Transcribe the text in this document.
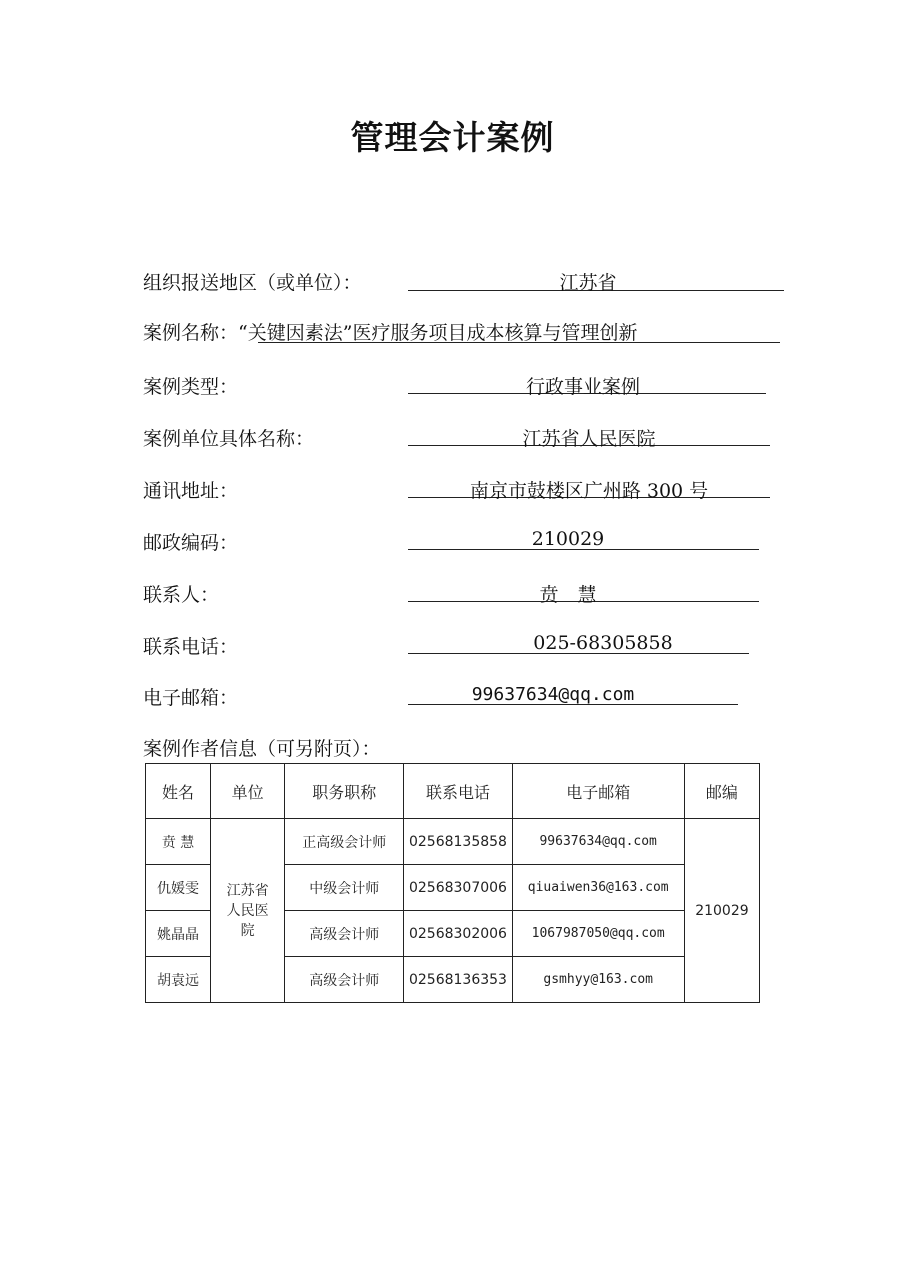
管理会计案例
组织报送地区（或单位）：	江苏省
案例名称：“关键因素法”医疗服务项目成本核算与管理创新
案例类型：	行政事业案例
案例单位具体名称：	江苏省人民医院
通讯地址：	南京市鼓楼区广州路 300 号
邮政编码：	210029
联系人：	贲　慧
联系电话：	025-68305858
电子邮箱：	99637634@qq.com
案例作者信息（可另附页）：
姓名	单位	职务职称	联系电话	电子邮箱	邮编
贲 慧	江苏省人民医院	正高级会计师	02568135858	99637634@qq.com	210029
仇媛雯		中级会计师	02568307006	qiuaiwen36@163.com	
姚晶晶		高级会计师	02568302006	1067987050@qq.com	
胡袁远		高级会计师	02568136353	gsmhyy@163.com	
